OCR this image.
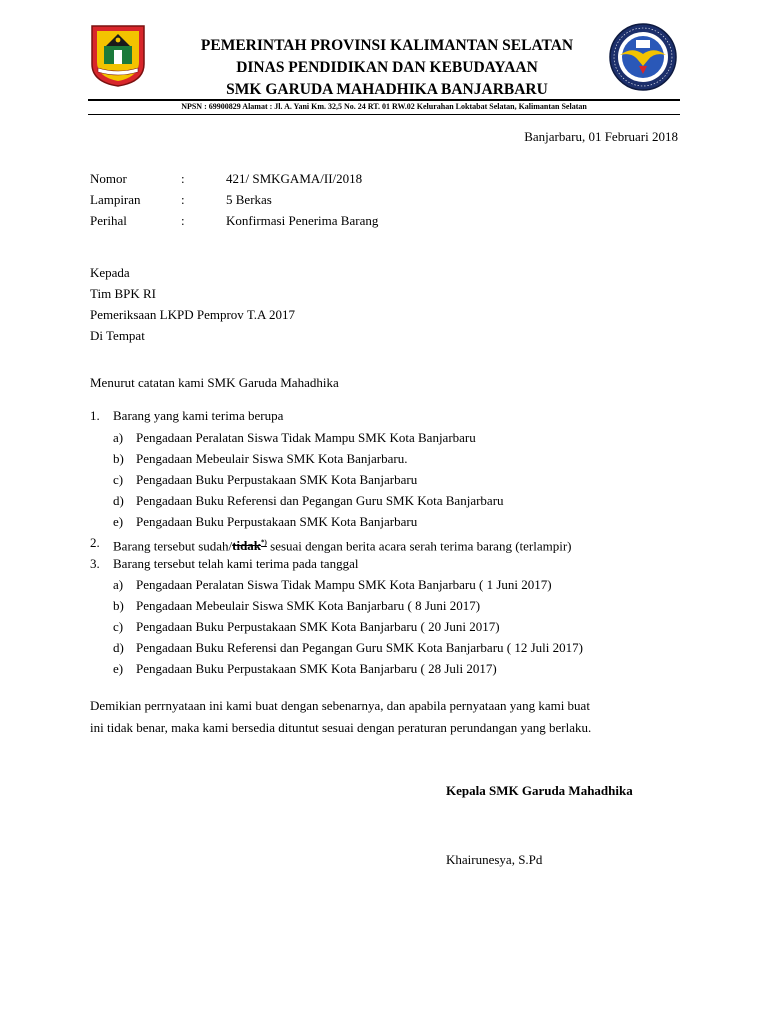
PEMERINTAH PROVINSI KALIMANTAN SELATAN
DINAS PENDIDIKAN DAN KEBUDAYAAN
SMK GARUDA MAHADHIKA BANJARBARU
NPSN : 69900829 Alamat : Jl. A. Yani Km. 32,5 No. 24 RT. 01 RW.02 Kelurahan Loktabat Selatan, Kalimantan Selatan
Banjarbaru, 01 Februari 2018
Nomor	:	421/ SMKGAMA/II/2018
Lampiran	:	5 Berkas
Perihal	:	Konfirmasi Penerima Barang
Kepada
Tim BPK RI
Pemeriksaan LKPD Pemprov T.A 2017
Di Tempat
Menurut catatan kami SMK Garuda Mahadhika
1. Barang yang kami terima berupa
a) Pengadaan Peralatan Siswa Tidak Mampu SMK Kota Banjarbaru
b) Pengadaan Mebeulair Siswa SMK Kota Banjarbaru.
c) Pengadaan Buku Perpustakaan SMK Kota Banjarbaru
d) Pengadaan Buku Referensi dan Pegangan Guru SMK Kota Banjarbaru
e) Pengadaan Buku Perpustakaan SMK Kota Banjarbaru
2. Barang tersebut sudah/tidak*) sesuai dengan berita acara serah terima barang (terlampir)
3. Barang tersebut telah kami terima pada tanggal
a) Pengadaan Peralatan Siswa Tidak Mampu SMK Kota Banjarbaru ( 1 Juni 2017)
b) Pengadaan Mebeulair Siswa SMK Kota Banjarbaru ( 8 Juni 2017)
c) Pengadaan Buku Perpustakaan SMK Kota Banjarbaru ( 20 Juni 2017)
d) Pengadaan Buku Referensi dan Pegangan Guru SMK Kota Banjarbaru ( 12 Juli 2017)
e) Pengadaan Buku Perpustakaan SMK Kota Banjarbaru ( 28 Juli 2017)
Demikian perrnyataan ini kami buat dengan sebenarnya, dan apabila pernyataan yang kami buat
ini tidak benar, maka kami bersedia dituntut sesuai dengan peraturan perundangan yang berlaku.
Kepala SMK Garuda Mahadhika
Khairunesya, S.Pd
